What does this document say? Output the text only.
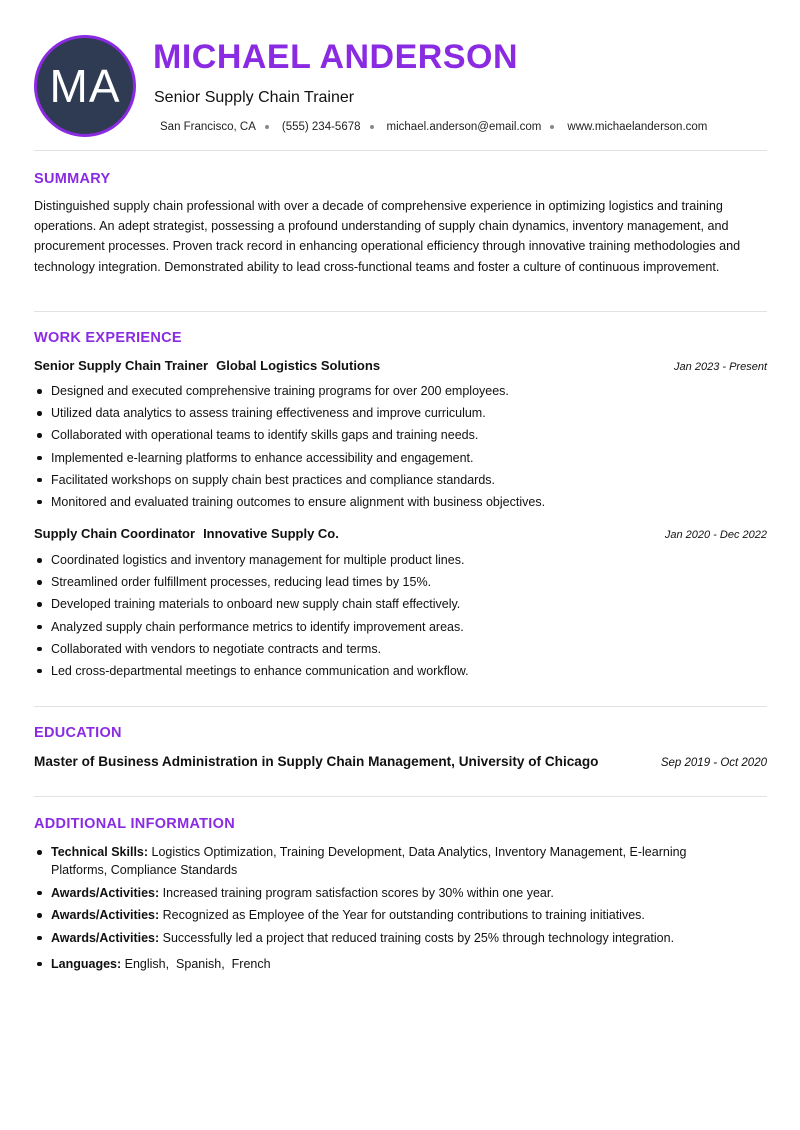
MA
MICHAEL ANDERSON

Senior Supply Chain Trainer

San Francisco, CA (555) 234-5678 michael.anderson@email.com www.michaelanderson.com
SUMMARY

Distinguished supply chain professional with over a decade of comprehensive experience in optimizing logistics and training operations. An adept strategist, possessing a profound understanding of supply chain dynamics, inventory management, and procurement processes. Proven track record in enhancing operational efficiency through innovative training methodologies and technology integration. Demonstrated ability to lead cross-functional teams and foster a culture of continuous improvement.

WORK EXPERIENCE
Senior Supply Chain Trainer Global Logistics Solutions	Jan 2023 - Present
Designed and executed comprehensive training programs for over 200 employees.
Utilized data analytics to assess training effectiveness and improve curriculum.
Collaborated with operational teams to identify skills gaps and training needs.
Implemented e-learning platforms to enhance accessibility and engagement.
Facilitated workshops on supply chain best practices and compliance standards.
Monitored and evaluated training outcomes to ensure alignment with business objectives.
Supply Chain Coordinator Innovative Supply Co.	Jan 2020 - Dec 2022
Coordinated logistics and inventory management for multiple product lines.
Streamlined order fulfillment processes, reducing lead times by 15%.
Developed training materials to onboard new supply chain staff effectively.
Analyzed supply chain performance metrics to identify improvement areas.
Collaborated with vendors to negotiate contracts and terms.
Led cross-departmental meetings to enhance communication and workflow.
EDUCATION
Master of Business Administration in Supply Chain Management, University of Chicago	Sep 2019 - Oct 2020
ADDITIONAL INFORMATION
Technical Skills: Logistics Optimization, Training Development, Data Analytics, Inventory Management, E-learning Platforms, Compliance Standards
Awards/Activities: Increased training program satisfaction scores by 30% within one year.
Awards/Activities: Recognized as Employee of the Year for outstanding contributions to training initiatives.
Awards/Activities: Successfully led a project that reduced training costs by 25% through technology integration.
Languages: English,  Spanish,  French
